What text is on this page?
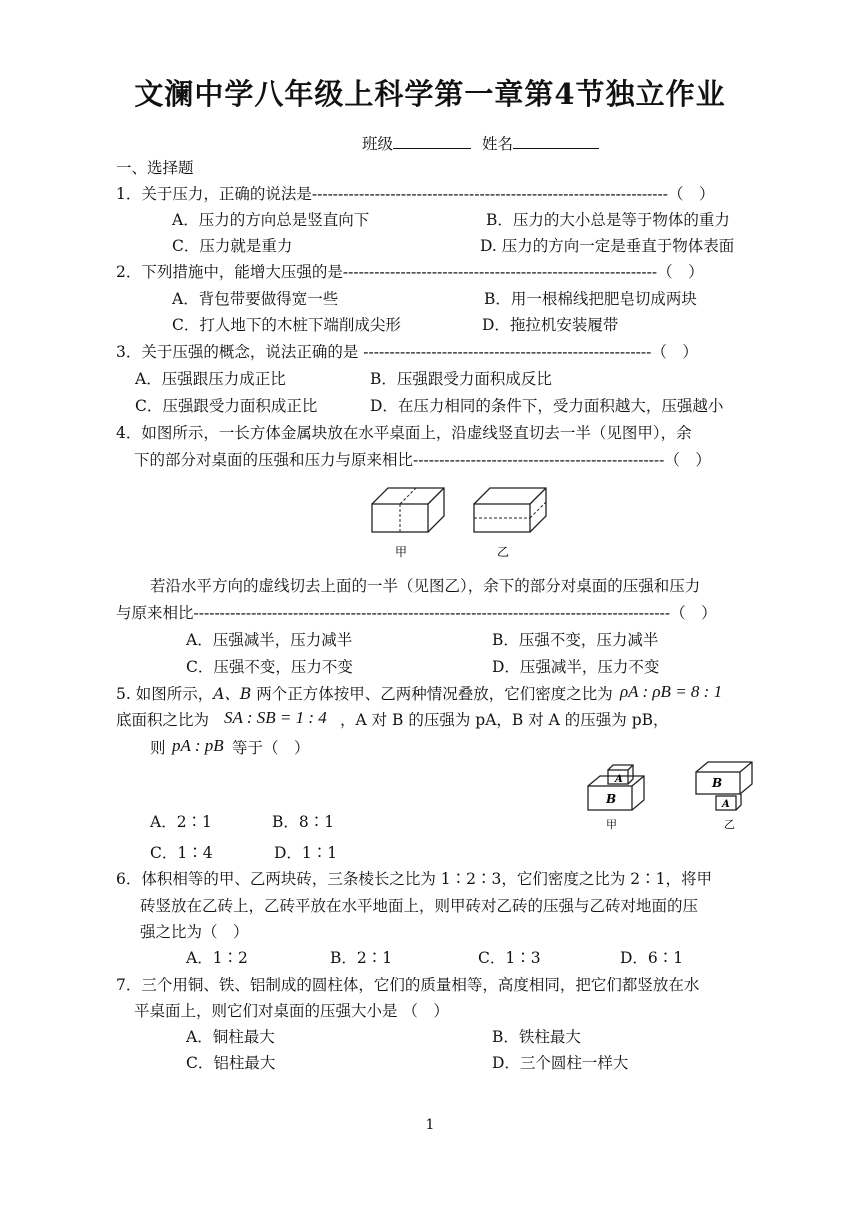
文澜中学八年级上科学第一章第4节独立作业
班级	姓名
一、选择题
1．关于压力，正确的说法是--------------------------------------------------------------------（　）
A．压力的方向总是竖直向下	B．压力的大小总是等于物体的重力
C．压力就是重力	D. 压力的方向一定是垂直于物体表面
2．下列措施中，能增大压强的是------------------------------------------------------------（　）
A．背包带要做得宽一些	B．用一根棉线把肥皂切成两块
C．打人地下的木桩下端削成尖形	D．拖拉机安装履带
3．关于压强的概念，说法正确的是 -------------------------------------------------------（　）
A．压强跟压力成正比	B．压强跟受力面积成反比
C．压强跟受力面积成正比	D．在压力相同的条件下，受力面积越大，压强越小
4．如图所示，一长方体金属块放在水平桌面上，沿虚线竖直切去一半（见图甲），余
下的部分对桌面的压强和压力与原来相比------------------------------------------------（　）
甲	乙
若沿水平方向的虚线切去上面的一半（见图乙），余下的部分对桌面的压强和压力
与原来相比-------------------------------------------------------------------------------------------（　）
A．压强减半，压力减半	B．压强不变，压力减半
C．压强不变，压力不变	D．压强减半，压力不变
5. 如图所示，A、B 两个正方体按甲、乙两种情况叠放，它们密度之比为 ρA : ρB = 8 : 1
底面积之比为 SA : SB = 1 : 4 ，A 对 B 的压强为 pA，B 对 A 的压强为 pB，
则 pA : pB 等于（　）
A
B
甲
B
A
乙
A．2∶1	B．8∶1
C．1∶4	D．1∶1
6．体积相等的甲、乙两块砖，三条棱长之比为 1∶2∶3，它们密度之比为 2∶1，将甲
砖竖放在乙砖上，乙砖平放在水平地面上，则甲砖对乙砖的压强与乙砖对地面的压
强之比为（　）
A．1∶2	B．2∶1	C．1∶3	D．6∶1
7．三个用铜、铁、铝制成的圆柱体，它们的质量相等，高度相同，把它们都竖放在水
平桌面上，则它们对桌面的压强大小是 （　）
A．铜柱最大	B．铁柱最大
C．铝柱最大	D．三个圆柱一样大
1
